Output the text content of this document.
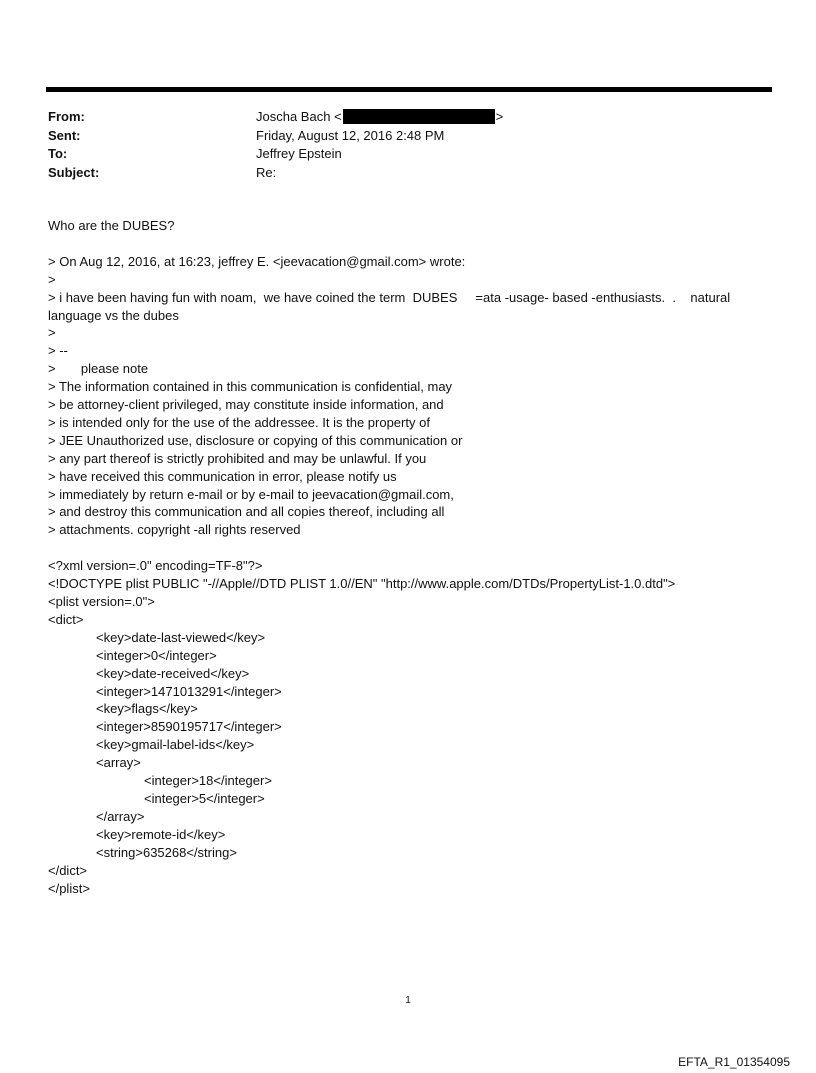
From:	Joscha Bach <	>
Sent:	Friday, August 12, 2016 2:48 PM
To:	Jeffrey Epstein
Subject:	Re:
Who are the DUBES?
> On Aug 12, 2016, at 16:23, jeffrey E. <jeevacation@gmail.com> wrote:
>
> i have been having fun with noam,  we have coined the term  DUBES     =ata -usage- based -enthusiasts.  .    natural language vs the dubes
>
> --
>       please note
> The information contained in this communication is confidential, may
> be attorney-client privileged, may constitute inside information, and
> is intended only for the use of the addressee. It is the property of
> JEE Unauthorized use, disclosure or copying of this communication or
> any part thereof is strictly prohibited and may be unlawful. If you
> have received this communication in error, please notify us
> immediately by return e-mail or by e-mail to jeevacation@gmail.com,
> and destroy this communication and all copies thereof, including all
> attachments. copyright -all rights reserved
<?xml version=.0" encoding=TF-8"?>
<!DOCTYPE plist PUBLIC "-//Apple//DTD PLIST 1.0//EN" "http://www.apple.com/DTDs/PropertyList-1.0.dtd">
<plist version=.0">
<dict>
	<key>date-last-viewed</key>
	<integer>0</integer>
	<key>date-received</key>
	<integer>1471013291</integer>
	<key>flags</key>
	<integer>8590195717</integer>
	<key>gmail-label-ids</key>
	<array>
		<integer>18</integer>
		<integer>5</integer>
	</array>
	<key>remote-id</key>
	<string>635268</string>
</dict>
</plist>
1
EFTA_R1_01354095
